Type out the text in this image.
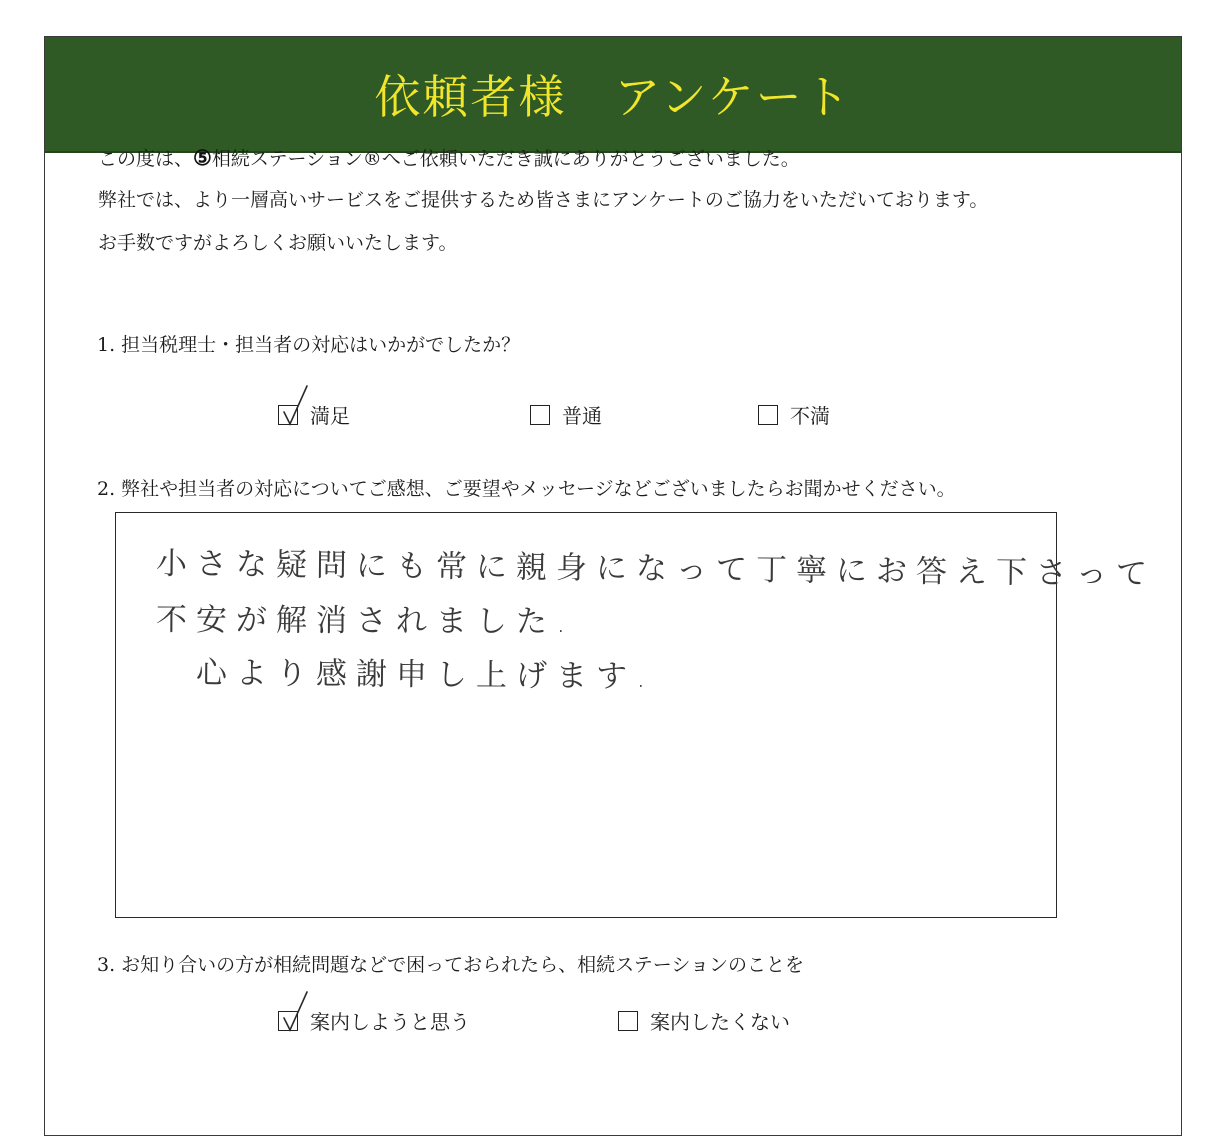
依頼者様　アンケート

この度は、⑤相続ステーション®へご依頼いただき誠にありがとうございました。

弊社では、より一層高いサービスをご提供するため皆さまにアンケートのご協力をいただいております。

お手数ですがよろしくお願いいたします。

1. 担当税理士・担当者の対応はいかがでしたか？
満足	普通	不満
2. 弊社や担当者の対応についてご感想、ご要望やメッセージなどございましたらお聞かせください。
小さな疑問にも常に親身になって丁寧にお答え下さって
不安が解消されました.
心より感謝申し上げます.
3. お知り合いの方が相続問題などで困っておられたら、相続ステーションのことを
案内しようと思う	案内したくない
